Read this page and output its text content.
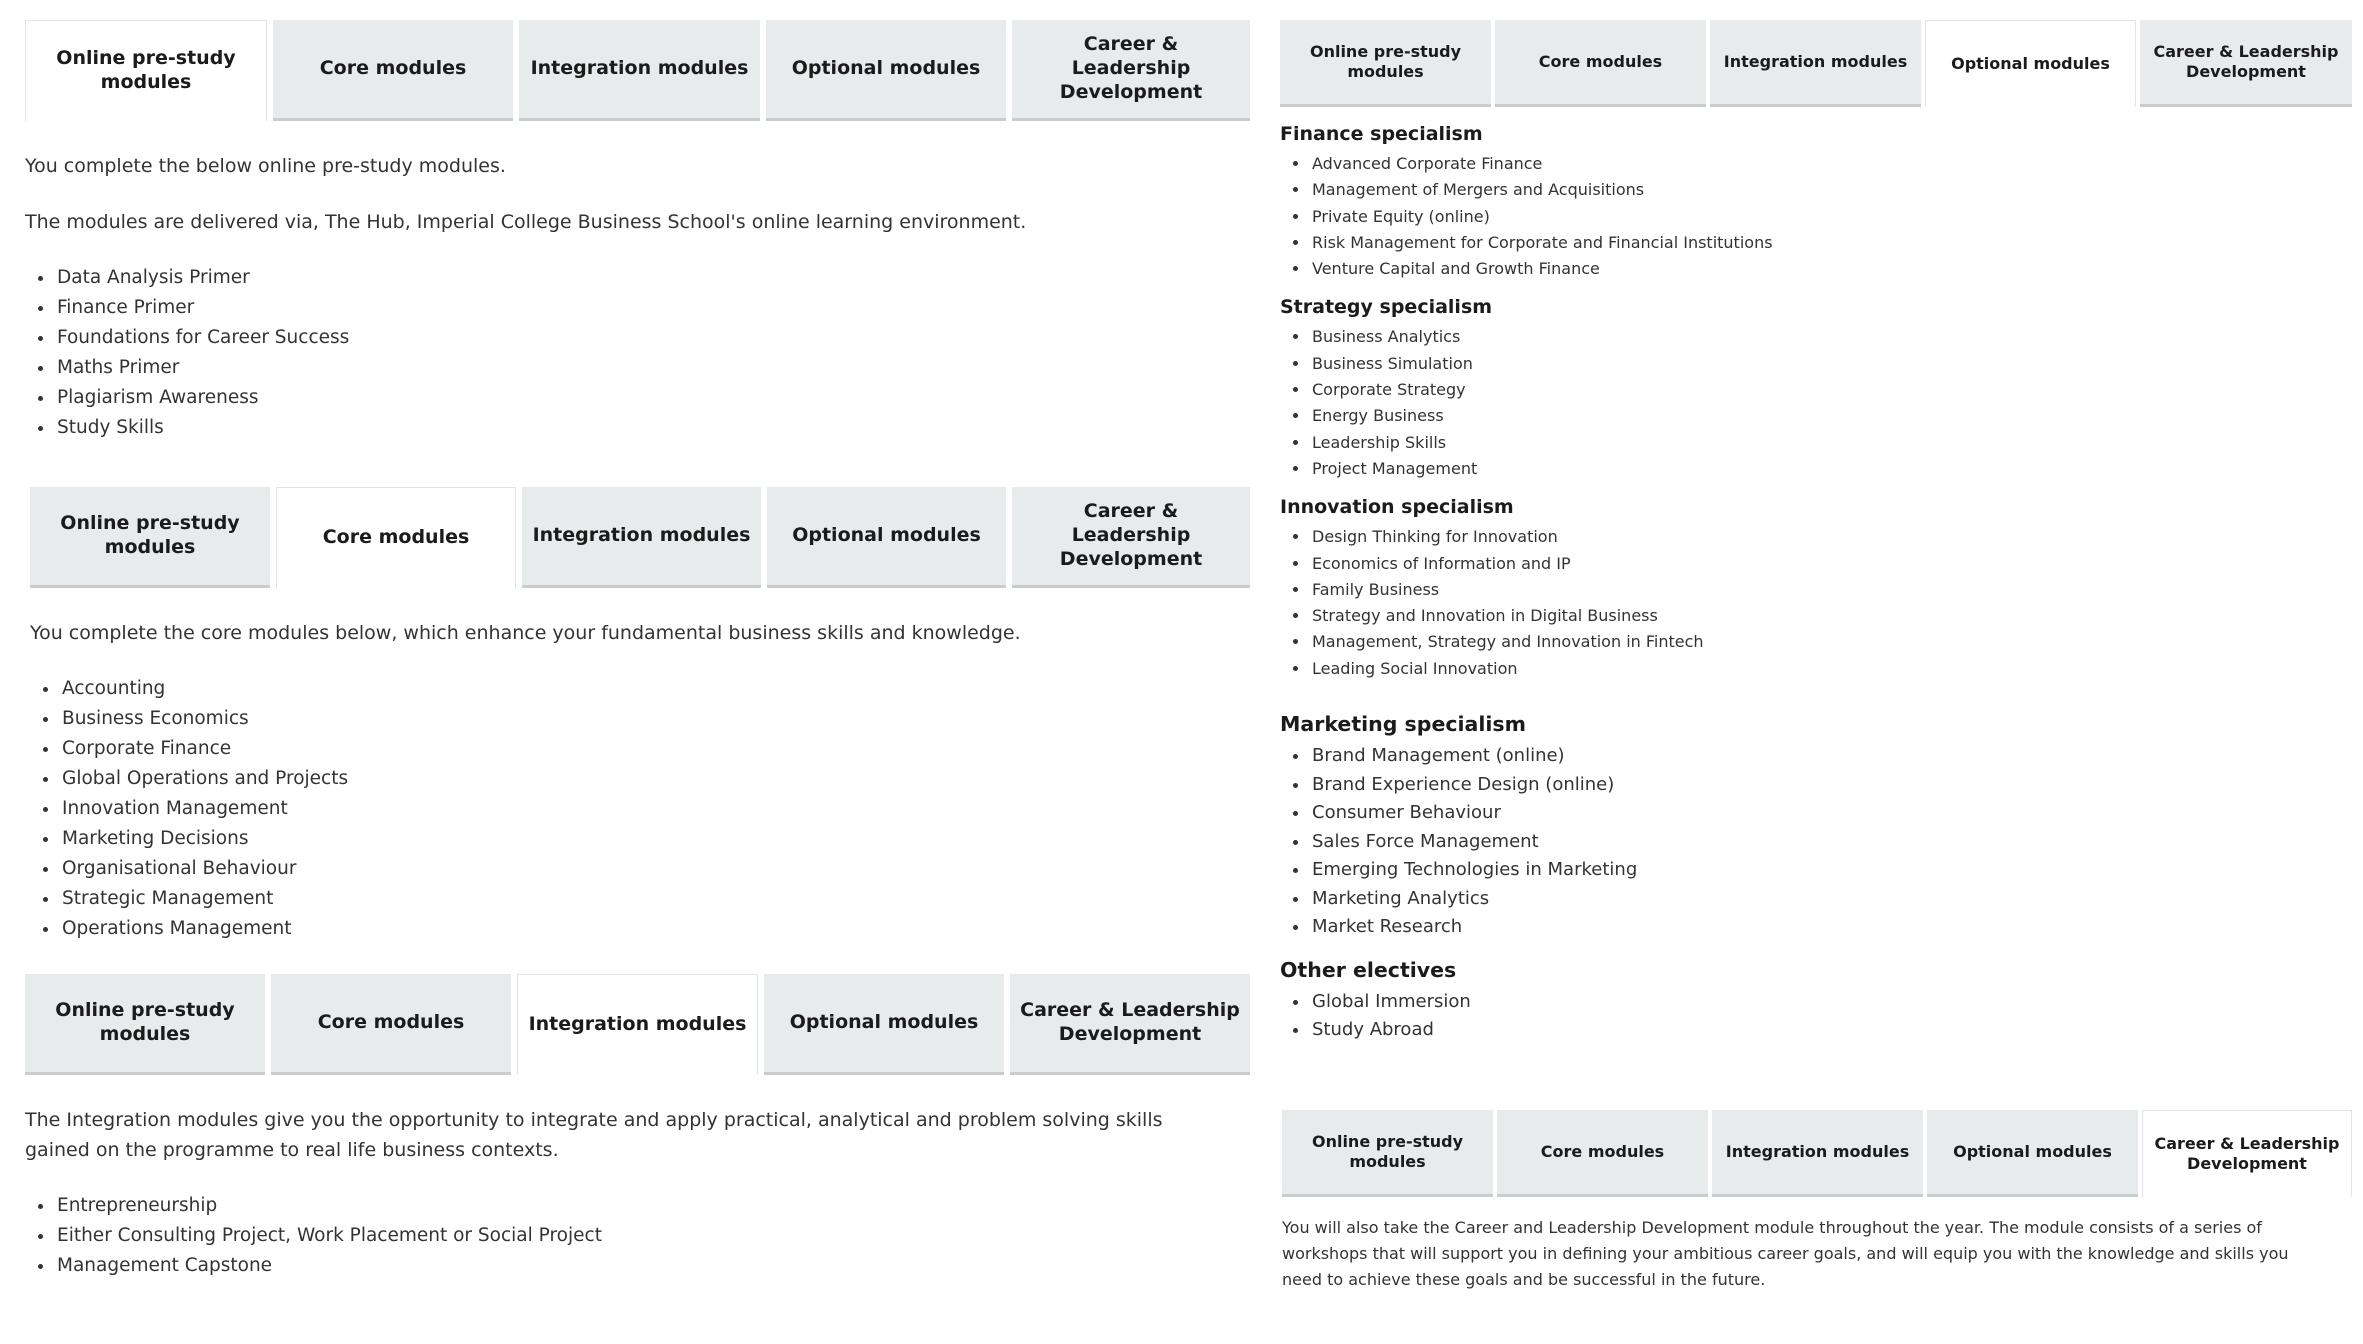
Online pre-study modules
Core modules	Integration modules	Optional modules
Career & Leadership Development

You complete the below online pre-study modules.

The modules are delivered via, The Hub, Imperial College Business School's online learning environment.

• Data Analysis Primer
• Finance Primer
• Foundations for Career Success
• Maths Primer
• Plagiarism Awareness
• Study Skills
Online pre-study modules	Core modules	Integration modules	Optional modules
Career & Leadership Development

You complete the core modules below, which enhance your fundamental business skills and knowledge.

• Accounting
• Business Economics
• Corporate Finance
• Global Operations and Projects
• Innovation Management
• Marketing Decisions
• Organisational Behaviour
• Strategic Management
• Operations Management
Online pre-study modules
Core modules	Integration modules	Optional modules
Career & Leadership Development

The Integration modules give you the opportunity to integrate and apply practical, analytical and problem solving skills gained on the programme to real life business contexts.

• Entrepreneurship
• Either Consulting Project, Work Placement or Social Project
• Management Capstone
Online pre-study modules
Core modules	Integration modules	Optional modules
Career & Leadership Development
Finance specialism
• Advanced Corporate Finance
• Management of Mergers and Acquisitions
• Private Equity (online)
• Risk Management for Corporate and Financial Institutions
• Venture Capital and Growth Finance
Strategy specialism
• Business Analytics
• Business Simulation
• Corporate Strategy
• Energy Business
• Leadership Skills
• Project Management
Innovation specialism
• Design Thinking for Innovation
• Economics of Information and IP
• Family Business
• Strategy and Innovation in Digital Business
• Management, Strategy and Innovation in Fintech
• Leading Social Innovation
Marketing specialism
• Brand Management (online)
• Brand Experience Design (online)
• Consumer Behaviour
• Sales Force Management
• Emerging Technologies in Marketing
• Marketing Analytics
• Market Research
Other electives
• Global Immersion
• Study Abroad
Online pre-study modules
Core modules	Integration modules	Optional modules	Career & Leadership Development

You will also take the Career and Leadership Development module throughout the year. The module consists of a series of workshops that will support you in defining your ambitious career goals, and will equip you with the knowledge and skills you need to achieve these goals and be successful in the future.
